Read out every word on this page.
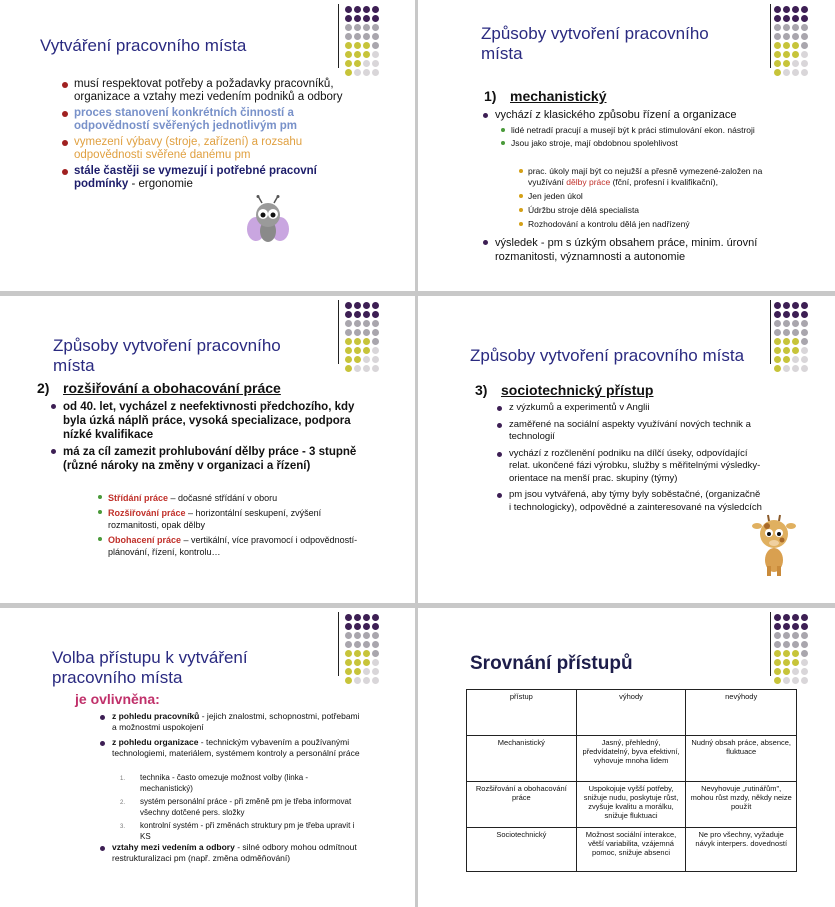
Vytváření pracovního místa
musí respektovat potřeby a požadavky pracovníků, organizace a vztahy mezi vedením podniků a odbory
proces stanovení konkrétních činností a odpovědností svěřených jednotlivým pm
vymezení výbavy (stroje, zařízení) a rozsahu odpovědnosti svěřené danému pm
stále častěji se vymezují i potřebné pracovní podmínky - ergonomie
Způsoby vytvoření pracovního místa
1) mechanistický
vychází z klasického způsobu řízení a organizace
lidé netradí pracují a musejí být k práci stimulování ekon. nástroji
Jsou jako stroje, mají obdobnou spolehlivost
prac. úkoly mají být co nejužší a přesně vymezené-založen na využívání dělby práce (fční, profesní i kvalifikační),
Jen jeden úkol
Údržbu stroje dělá specialista
Rozhodování a kontrolu dělá jen nadřízený
výsledek - pm s úzkým obsahem práce, minim. úrovní rozmanitosti, významnosti a autonomie
Způsoby vytvoření pracovního místa
2) rozšiřování a obohacování práce
od 40. let, vycházel z neefektivnosti předchozího, kdy byla úzká náplň práce, vysoká specializace, podpora nízké kvalifikace
má za cíl zamezit prohlubování dělby práce - 3 stupně (různé nároky na změny v organizaci a řízení)
Střídání práce – dočasné střídání v oboru
Rozšiřování práce – horizontální seskupení, zvýšení rozmanitosti, opak dělby
Obohacení práce – vertikální, více pravomocí i odpovědností-plánování, řízení, kontrolu…
Způsoby vytvoření pracovního místa
3) sociotechnický přístup
z výzkumů a experimentů v Anglii
zaměřené na sociální aspekty využívání nových technik a technologií
vychází z rozčlenění podniku na dílčí úseky, odpovídající relat. ukončené fázi výrobku, služby s měřitelnými výsledky- orientace na menší prac. skupiny (týmy)
pm jsou vytvářená, aby týmy byly soběstačné, (organizačně i technologicky), odpovědné a zainteresované na výsledcích
Volba přístupu k vytváření pracovního místa
je ovlivněna:
z pohledu pracovníků - jejich znalostmi, schopnostmi, potřebami a možnostmi uspokojení
z pohledu organizace - technickým vybavením a používanými technologiemi, materiálem, systémem kontroly a personální práce
1. technika - často omezuje možnost volby (linka - mechanistický)
2. systém personální práce - při změně pm je třeba informovat všechny dotčené pers. složky
3. kontrolní systém - při změnách struktury pm je třeba upravit i KS
vztahy mezi vedením a odbory - silné odbory mohou odmítnout restrukturalizaci pm (např. změna odměňování)
Srovnání přístupů
přístup	výhody	nevýhody
Mechanistický	Jasný, přehledný, předvídatelný, byva efektivní, vyhovuje mnoha lidem	Nudný obsah práce, absence, fluktuace
Rozšiřování a obohacování práce	Uspokojuje vyšší potřeby, snižuje nudu, poskytuje růst, zvyšuje kvalitu a morálku, snižuje fluktuaci	Nevyhovuje „rutinářům", mohou růst mzdy, někdy neize použít
Sociotechnický	Možnost sociální interakce, větší variabilita, vzájemná pomoc, snižuje absenci	Ne pro všechny, vyžaduje návyk interpers. dovedností
